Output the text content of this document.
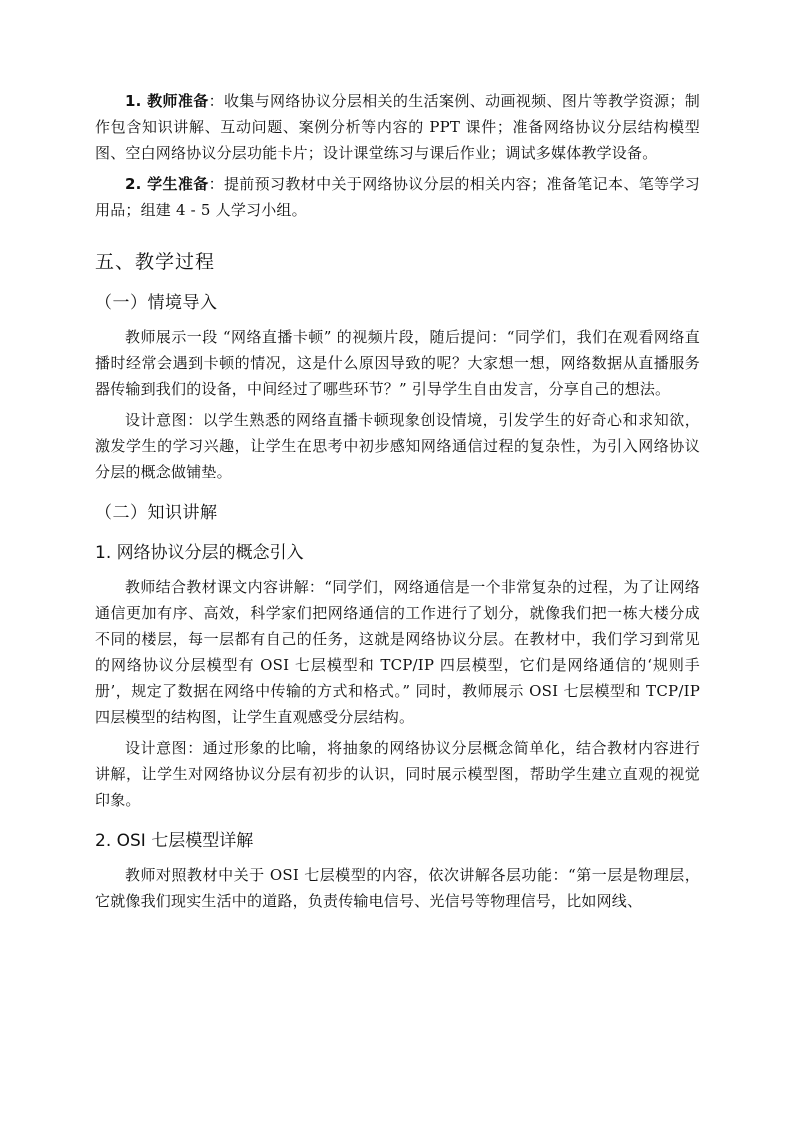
1. 教师准备：收集与网络协议分层相关的生活案例、动画视频、图片等教学资源；制作包含知识讲解、互动问题、案例分析等内容的 PPT 课件；准备网络协议分层结构模型图、空白网络协议分层功能卡片；设计课堂练习与课后作业；调试多媒体教学设备。

2. 学生准备：提前预习教材中关于网络协议分层的相关内容；准备笔记本、笔等学习用品；组建 4 - 5 人学习小组。

五、教学过程
（一）情境导入

教师展示一段 “网络直播卡顿” 的视频片段，随后提问：“同学们，我们在观看网络直播时经常会遇到卡顿的情况，这是什么原因导致的呢？大家想一想，网络数据从直播服务器传输到我们的设备，中间经过了哪些环节？” 引导学生自由发言，分享自己的想法。

设计意图：以学生熟悉的网络直播卡顿现象创设情境，引发学生的好奇心和求知欲，激发学生的学习兴趣，让学生在思考中初步感知网络通信过程的复杂性，为引入网络协议分层的概念做铺垫。

（二）知识讲解
1. 网络协议分层的概念引入

教师结合教材课文内容讲解：“同学们，网络通信是一个非常复杂的过程，为了让网络通信更加有序、高效，科学家们把网络通信的工作进行了划分，就像我们把一栋大楼分成不同的楼层，每一层都有自己的任务，这就是网络协议分层。在教材中，我们学习到常见的网络协议分层模型有 OSI 七层模型和 TCP/IP 四层模型，它们是网络通信的‘规则手册’，规定了数据在网络中传输的方式和格式。” 同时，教师展示 OSI 七层模型和 TCP/IP 四层模型的结构图，让学生直观感受分层结构。

设计意图：通过形象的比喻，将抽象的网络协议分层概念简单化，结合教材内容进行讲解，让学生对网络协议分层有初步的认识，同时展示模型图，帮助学生建立直观的视觉印象。

2. OSI 七层模型详解

教师对照教材中关于 OSI 七层模型的内容，依次讲解各层功能：“第一层是物理层，它就像我们现实生活中的道路，负责传输电信号、光信号等物理信号，比如网线、
